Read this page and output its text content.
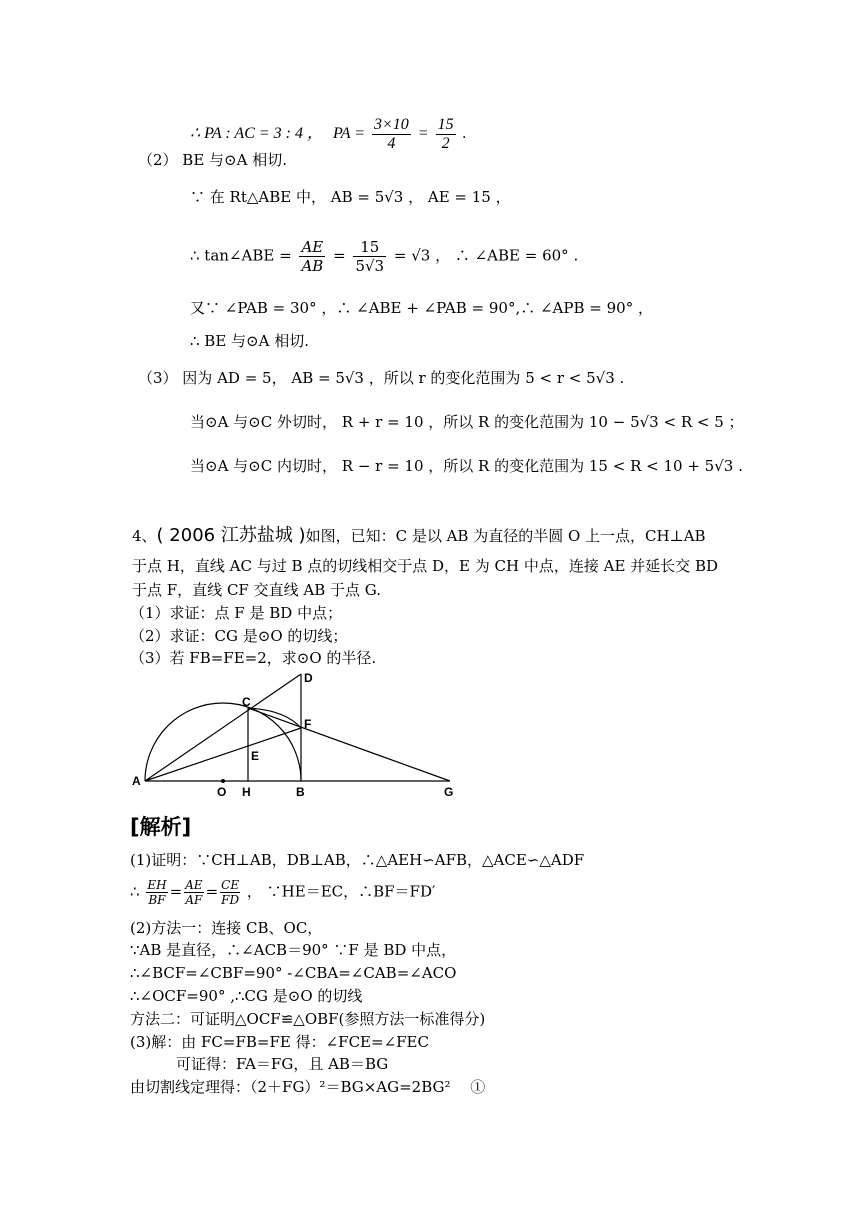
∴ PA : AC = 3 : 4 ， PA = $\frac{3\times 10}{4} = \frac{15}{2}$ .
（2） BE 与⊙A 相切.
∵ 在 Rt△ABE 中， AB = 5√3 ， AE = 15 ，
∴ tan∠ABE = $\frac{AE}{AB} = \frac{15}{5√3} = √3$ ， ∴ ∠ABE = 60° .
又∵ ∠PAB = 30° ，∴ ∠ABE + ∠PAB = 90°,∴ ∠APB = 90° ，
∴ BE 与⊙A 相切.
（3） 因为 AD = 5， AB = 5√3 ，所以 r 的变化范围为 5 < r < 5√3 .
当⊙A 与⊙C 外切时， R + r = 10 ，所以 R 的变化范围为 10 − 5√3 < R < 5 ；
当⊙A 与⊙C 内切时， R − r = 10 ，所以 R 的变化范围为 15 < R < 10 + 5√3 .
4、( 2006 江苏盐城 )如图，已知：C 是以 AB 为直径的半圆 O 上一点，CH⊥AB
于点 H，直线 AC 与过 B 点的切线相交于点 D，E 为 CH 中点，连接 AE 并延长交 BD
于点 F，直线 CF 交直线 AB 于点 G.
（1）求证：点 F 是 BD 中点；
（2）求证：CG 是⊙O 的切线；
（3）若 FB=FE=2，求⊙O 的半径.
A
O H	B	G
C
D
E
F
[解析]
(1)证明：∵CH⊥AB，DB⊥AB，∴△AEH∽AFB，△ACE∽△ADF
∴ $\frac{EH}{BF} = \frac{AE}{AF} = \frac{CE}{FD}$ ， ∵HE＝EC，∴BF＝FD′
(2)方法一：连接 CB、OC，
∵AB 是直径，∴∠ACB＝90° ∵F 是 BD 中点，
∴∠BCF=∠CBF=90° -∠CBA=∠CAB=∠ACO
∴∠OCF=90° ,∴CG 是⊙O 的切线
方法二：可证明△OCF≌△OBF(参照方法一标准得分)
(3)解：由 FC=FB=FE 得：∠FCE=∠FEC
可证得：FA＝FG，且 AB＝BG
由切割线定理得：（2＋FG）²＝BG×AG=2BG²　 ①
